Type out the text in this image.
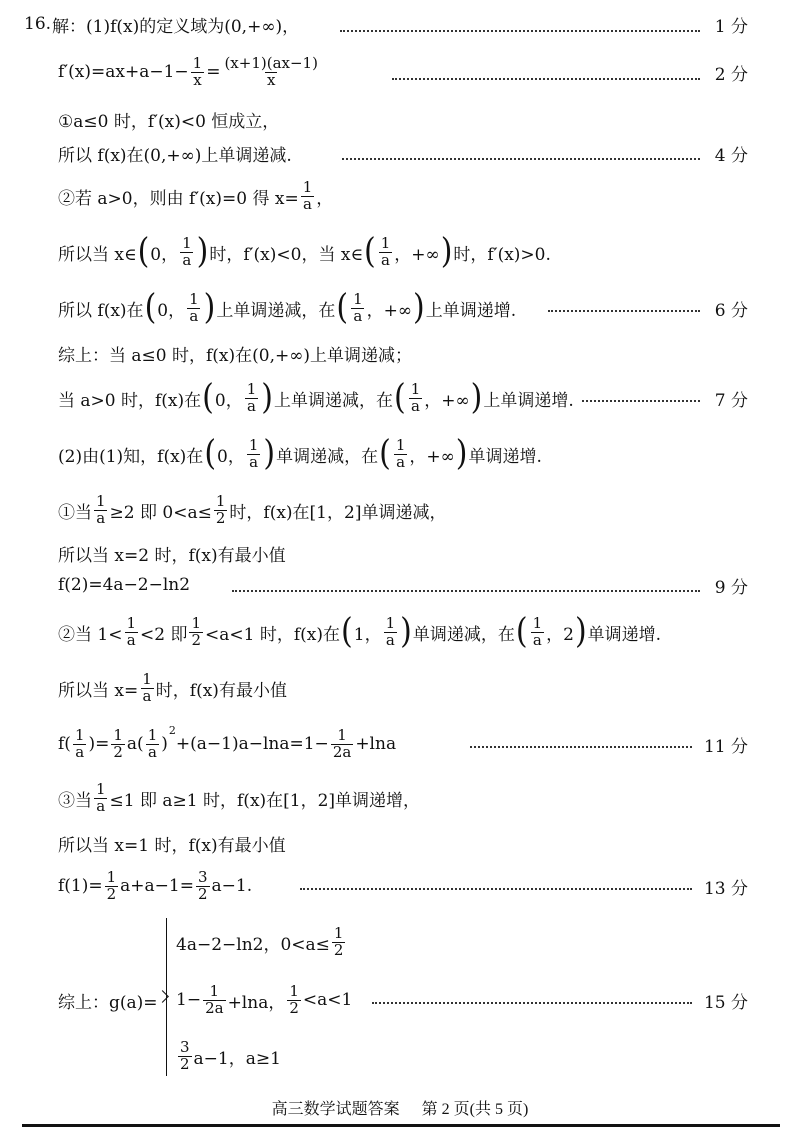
16. 解：(1)f(x)的定义域为(0,+∞)，	1 分
$f'(x)=ax+a-1- \frac{1}{x} = \frac{(x+1)(ax-1)}{x}$	2 分
①a≤0 时，f′(x)<0 恒成立，
所以 f(x)在(0,+∞)上单调递减.	4 分
②若 a>0，则由 f′(x)=0 得 $x= \frac{1}{a}$ ，
所以当 x∈ ( 0， $\frac{1}{a}$ ) 时，f′(x)<0，当 x∈ ( $\frac{1}{a}$ ，+∞ ) 时，f′(x)>0.
所以 f(x)在 ( 0， $\frac{1}{a}$ ) 上单调递减，在 ( $\frac{1}{a}$ ，+∞ ) 上单调递增.	6 分
综上：当 a≤0 时，f(x)在(0,+∞)上单调递减；
当 a>0 时，f(x)在 ( 0， $\frac{1}{a}$ ) 上单调递减，在 ( $\frac{1}{a}$ ，+∞ ) 上单调递增.	7 分
(2)由(1)知，f(x)在 ( 0， $\frac{1}{a}$ ) 单调递减，在 ( $\frac{1}{a}$ ，+∞ ) 单调递增.
①当 $\frac{1}{a} \ge 2$ 即 $0<a\le \frac{1}{2}$ 时，f(x)在[1，2]单调递减，
所以当 x=2 时，f(x)有最小值
f(2)=4a−2−ln2	9 分
②当 $1< \frac{1}{a} <2$ 即 $\frac{1}{2} <a<1$ 时，f(x)在 ( 1， $\frac{1}{a}$ ) 单调递减，在 ( $\frac{1}{a}$ ，2 ) 单调递增.
所以当 $x= \frac{1}{a}$ 时，f(x)有最小值
$f( \frac{1}{a}$ )= $\frac{1}{2} a( \frac{1}{a}$ )
2
$+(a-1)a-\ln a=1- \frac{1}{2a} +\ln a$	11 分
③当 $\frac{1}{a} \le 1$ 即 a≥1 时，f(x)在[1，2]单调递增，
所以当 x=1 时，f(x)有最小值
$f(1)= \frac{1}{2} a+a-1= \frac{3}{2} a-1$.	13 分
4a−2−ln2，$0<a\le \frac{1}{2}$
综上：$g(a)= 1- \frac{1}{2a} +\ln a$， $\frac{1}{2} <a<1$	15 分
$\frac{3}{2} a-1$，a≥1
高三数学试题答案 第 2 页(共 5 页)
